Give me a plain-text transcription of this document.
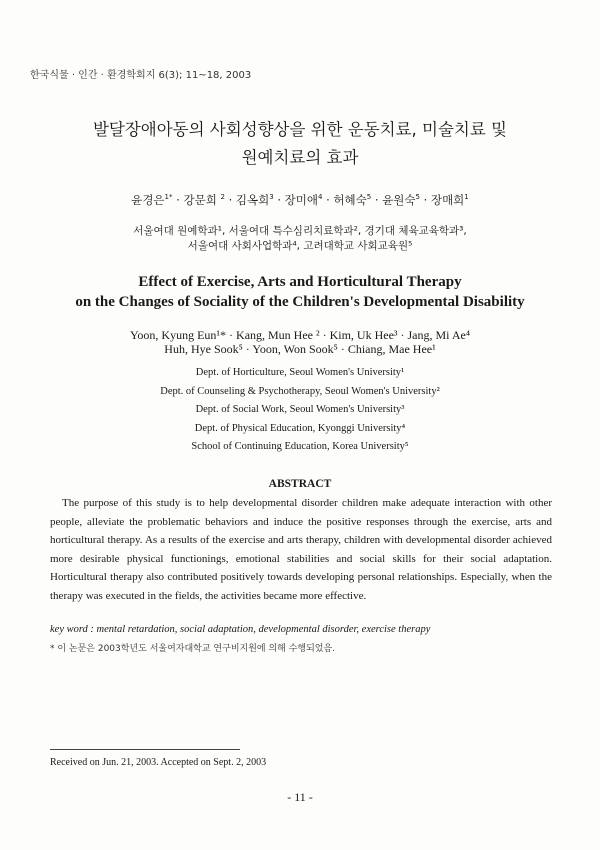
한국식물 · 인간 · 환경학회지 6(3); 11~18, 2003
발달장애아동의 사회성향상을 위한 운동치료, 미술치료 및
원예치료의 효과
윤경은$^{1*}$ · 강문희 $^2$ · 김옥희$^3$ · 장미애$^4$ · 허혜숙$^5$ · 윤원숙$^5$ · 장매희$^1$
서울여대 원예학과¹, 서울여대 특수심리치료학과², 경기대 체육교육학과³,
서울여대 사회사업학과⁴, 고려대학교 사회교육원⁵
Effect of Exercise, Arts and Horticultural Therapy
on the Changes of Sociality of the Children's Developmental Disability
Yoon, Kyung Eun¹* · Kang, Mun Hee ² · Kim, Uk Hee³ · Jang, Mi Ae⁴
Huh, Hye Sook⁵ · Yoon, Won Sook⁵ · Chiang, Mae Hee¹
Dept. of Horticulture, Seoul Women's University¹
Dept. of Counseling & Psychotherapy, Seoul Women's University²
Dept. of Social Work, Seoul Women's University³
Dept. of Physical Education, Kyonggi University⁴
School of Continuing Education, Korea University⁵
ABSTRACT
The purpose of this study is to help developmental disorder children make adequate interaction with other people, alleviate the problematic behaviors and induce the positive responses through the exercise, arts and horticultural therapy. As a results of the exercise and arts therapy, children with developmental disorder achieved more desirable physical functionings, emotional stabilities and social skills for their social adaptation. Horticultural therapy also contributed positively towards developing personal relationships. Especially, when the therapy was executed in the fields, the activities became more effective.
key word : mental retardation, social adaptation, developmental disorder, exercise therapy
* 이 논문은 2003학년도 서울여자대학교 연구비지원에 의해 수행되었음.
Received on Jun. 21, 2003. Accepted on Sept. 2, 2003
- 11 -
